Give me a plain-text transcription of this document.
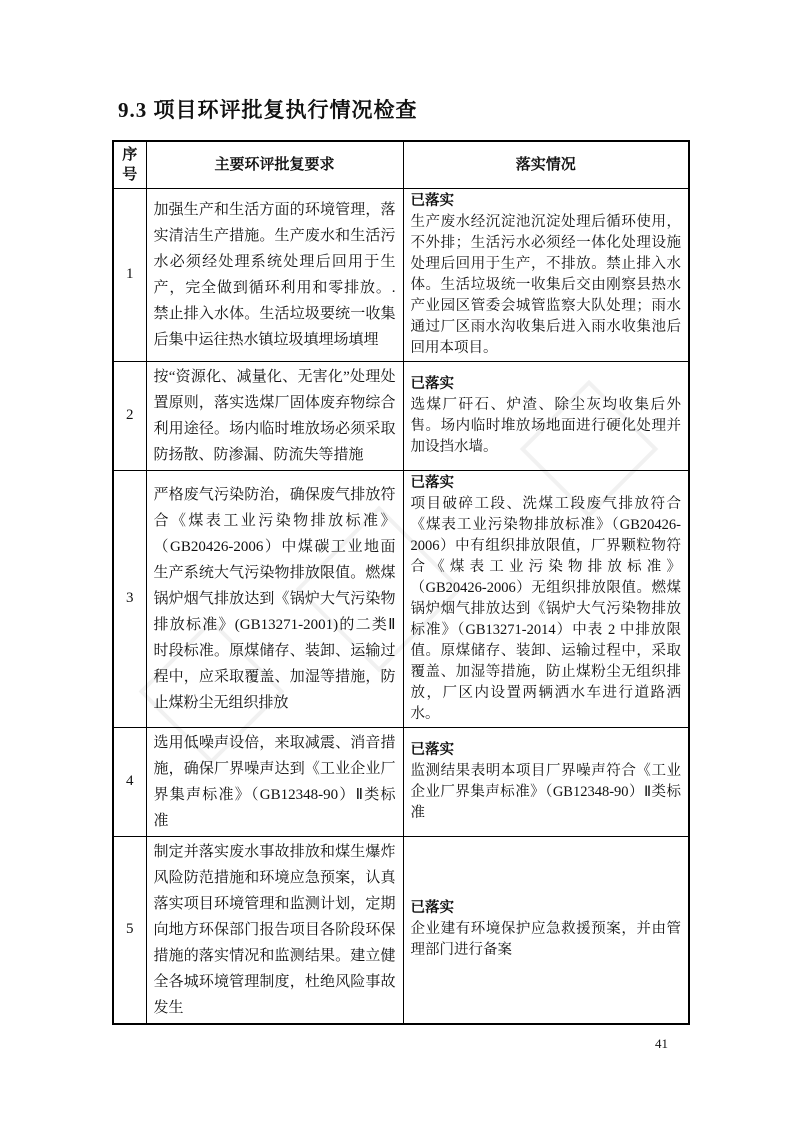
9.3 项目环评批复执行情况检查
序号	主要环评批复要求	落实情况
1	加强生产和生活方面的环境管理，落实清洁生产措施。生产废水和生活污水必须经处理系统处理后回用于生产，完全做到循环利用和零排放。.禁止排入水体。生活垃圾要统一收集后集中运往热水镇垃圾填埋场填埋	已落实
生产废水经沉淀池沉淀处理后循环使用，不外排；生活污水必须经一体化处理设施处理后回用于生产，不排放。禁止排入水体。生活垃圾统一收集后交由刚察县热水产业园区管委会城管监察大队处理；雨水通过厂区雨水沟收集后进入雨水收集池后回用本项目。

2	按“资源化、减量化、无害化”处理处置原则，落实选煤厂固体废弃物综合利用途径。场内临时堆放场必须采取防扬散、防渗漏、防流失等措施	已落实
选煤厂矸石、炉渣、除尘灰均收集后外售。场内临时堆放场地面进行硬化处理并加设挡水墙。

3	严格废气污染防治，确保废气排放符合《煤表工业污染物排放标准》（GB20426-2006）中煤碳工业地面生产系统大气污染物排放限值。燃煤锅炉烟气排放达到《锅炉大气污染物排放标准》(GB13271-2001)的二类Ⅱ时段标准。原煤储存、装卸、运输过程中，应采取覆盖、加湿等措施，防止煤粉尘无组织排放	已落实
项目破碎工段、洗煤工段废气排放符合《煤表工业污染物排放标准》（GB20426-2006）中有组织排放限值，厂界颗粒物符合《煤表工业污染物排放标准》（GB20426-2006）无组织排放限值。燃煤锅炉烟气排放达到《锅炉大气污染物排放标准》（GB13271-2014）中表 2 中排放限值。原煤储存、装卸、运输过程中，采取覆盖、加湿等措施，防止煤粉尘无组织排放，厂区内设置两辆洒水车进行道路洒水。

4	选用低噪声设倍，来取减震、消音措施，确保厂界噪声达到《工业企业厂界集声标准》（GB12348-90）Ⅱ类标准	已落实
监测结果表明本项目厂界噪声符合《工业企业厂界集声标准》（GB12348-90）Ⅱ类标准

5	制定并落实废水事故排放和煤生爆炸风险防范措施和环境应急预案，认真落实项目环境管理和监测计划，定期向地方环保部门报告项目各阶段环保措施的落实情况和监测结果。建立健全各城环境管理制度，杜绝风险事故发生	已落实
企业建有环境保护应急救援预案，并由管理部门进行备案
41
